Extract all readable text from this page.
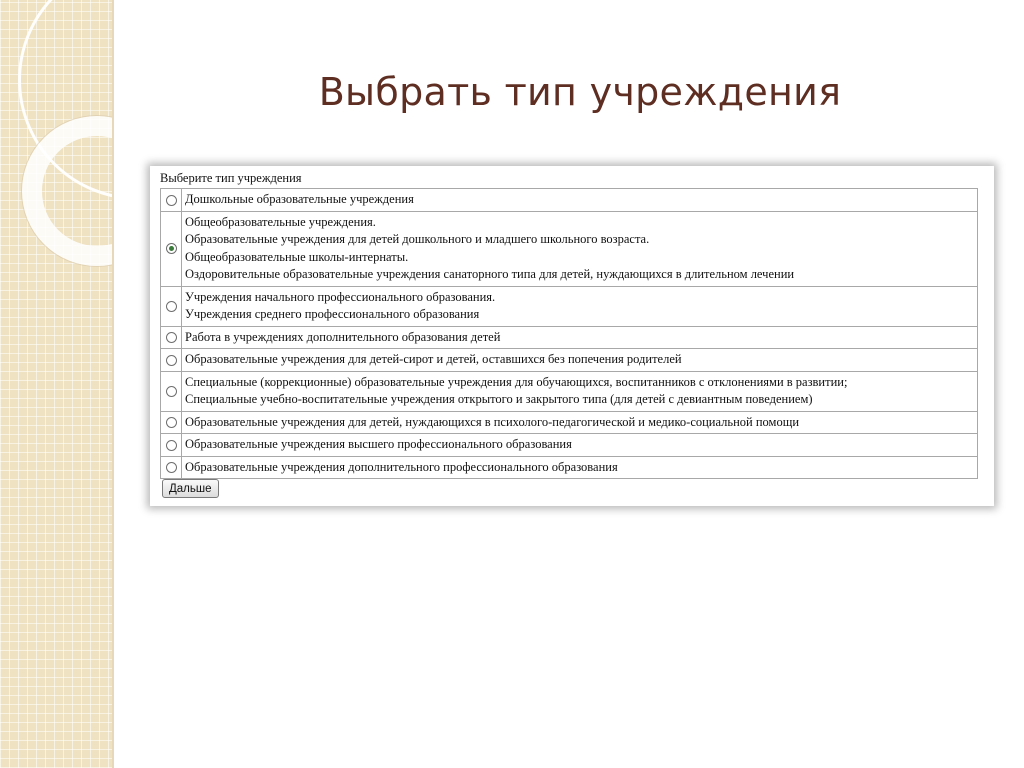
Выбрать тип учреждения
Выберите тип учреждения

	Дошкольные образовательные учреждения

	Общеобразовательные учреждения.
Образовательные учреждения для детей дошкольного и младшего школьного возраста.
Общеобразовательные школы-интернаты.
Оздоровительные образовательные учреждения санаторного типа для детей, нуждающихся в длительном лечении

	Учреждения начального профессионального образования.
Учреждения среднего профессионального образования

	Работа в учреждениях дополнительного образования детей

	Образовательные учреждения для детей-сирот и детей, оставшихся без попечения родителей

	Специальные (коррекционные) образовательные учреждения для обучающихся, воспитанников с отклонениями в развитии;
Специальные учебно-воспитательные учреждения открытого и закрытого типа (для детей с девиантным поведением)

	Образовательные учреждения для детей, нуждающихся в психолого-педагогической и медико-социальной помощи

	Образовательные учреждения высшего профессионального образования

	Образовательные учреждения дополнительного профессионального образования
Дальше
